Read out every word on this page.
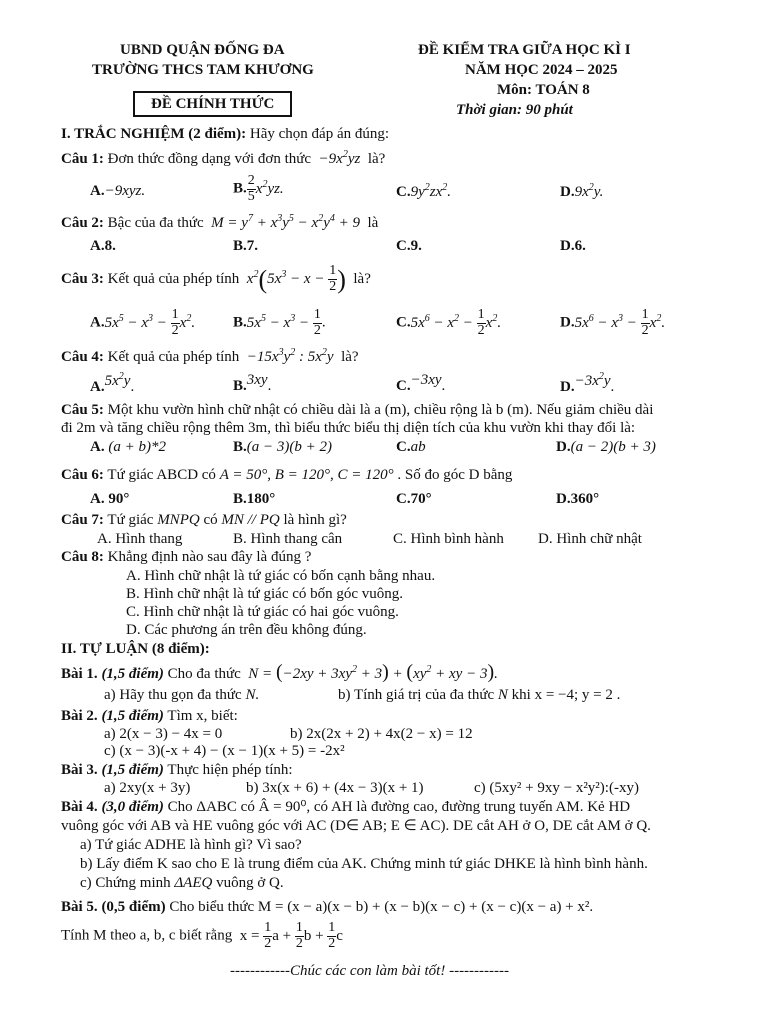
UBND QUẬN ĐỐNG ĐA
TRƯỜNG THCS TAM KHƯƠNG
ĐỀ CHÍNH THỨC
ĐỀ KIỂM TRA GIỮA HỌC KÌ I
NĂM HỌC 2024 – 2025
Môn: TOÁN 8
Thời gian: 90 phút
I. TRẮC NGHIỆM (2 điểm): Hãy chọn đáp án đúng:
Câu 1: Đơn thức đồng dạng với đơn thức  $-9x^2yz$  là?
A.−9xyz.	B. $\frac{2}{5} x^2yz$.	$C.9y^2zx^2$.	$D.9x^2y$.
Câu 2: Bậc của đa thức  $M = y^7 + x^3y^5 - x^2y^4 + 9$  là
A.8.	B.7.	C.9.	D.6.
Câu 3: Kết quả của phép tính  $x^2(5x^3 - x - \frac{1}{2}$ ) là?
$A.5x^5 - x^3 - \frac{1}{2} x^2$.	$B.5x^5 - x^3 - \frac{1}{2}$ .	$C.5x^6 - x^2 - \frac{1}{2} x^2$.	$D.5x^6 - x^3 - \frac{1}{2} x^2$.
Câu 4: Kết quả của phép tính  $-15x^3y^2$ : $5x^2y$  là?
$A.5x^2y$.	B.3xy.	C.−3xy.	$D.-3x^2y$.
Câu 5: Một khu vườn hình chữ nhật có chiều dài là a (m), chiều rộng là b (m). Nếu giảm chiều dài
đi 2m và tăng chiều rộng thêm 3m, thì biểu thức biểu thị diện tích của khu vườn khi thay đổi là:
A. (a + b)*2	B.(a − 3)(b + 2)	C.ab	D.(a − 2)(b + 3)
Câu 6: Tứ giác ABCD có A = 50°, B = 120°, C = 120° . Số đo góc D bằng
A. 90°	B.180°	C.70°	D.360°
Câu 7: Tứ giác MNPQ có MN // PQ là hình gì?
A. Hình thang	B. Hình thang cân	C. Hình bình hành D. Hình chữ nhật
Câu 8: Khẳng định nào sau đây là đúng ?
A. Hình chữ nhật là tứ giác có bốn cạnh bằng nhau.
B. Hình chữ nhật là tứ giác có bốn góc vuông.
C. Hình chữ nhật là tứ giác có hai góc vuông.
D. Các phương án trên đều không đúng.
II. TỰ LUẬN (8 điểm):
Bài 1. (1,5 điểm) Cho đa thức  $N = (-2xy + 3xy^2 + 3) + (xy^2$ + xy − 3).
a) Hãy thu gọn đa thức N.	b) Tính giá trị của đa thức N khi x = −4; y = 2 .
Bài 2. (1,5 điểm) Tìm x, biết:
a) 2(x − 3) − 4x = 0	b) 2x(2x + 2) + 4x(2 − x) = 12
c) (x − 3)(-x + 4) − (x − 1)(x + 5) = -2x²
Bài 3. (1,5 điểm) Thực hiện phép tính:
a) 2xy(x + 3y)	b) 3x(x + 6) + (4x − 3)(x + 1)	c) (5xy² + 9xy − x²y²):(-xy)
Bài 4. (3,0 điểm) Cho ΔABC có Â = 90⁰, có AH là đường cao, đường trung tuyến AM. Kẻ HD
vuông góc với AB và HE vuông góc với AC (D∈ AB; E ∈ AC). DE cắt AH ở O, DE cắt AM ở Q.
a) Tứ giác ADHE là hình gì? Vì sao?
b) Lấy điểm K sao cho E là trung điểm của AK. Chứng minh tứ giác DHKE là hình bình hành.
c) Chứng minh ΔAEQ vuông ở Q.
Bài 5. (0,5 điểm) Cho biểu thức M = (x − a)(x − b) + (x − b)(x − c) + (x − c)(x − a) + x².
Tính M theo a, b, c biết rằng  $x = \frac{1}{2}$ $a + \frac{1}{2}$ $b + \frac{1}{2}$ c
------------Chúc các con làm bài tốt! ------------
